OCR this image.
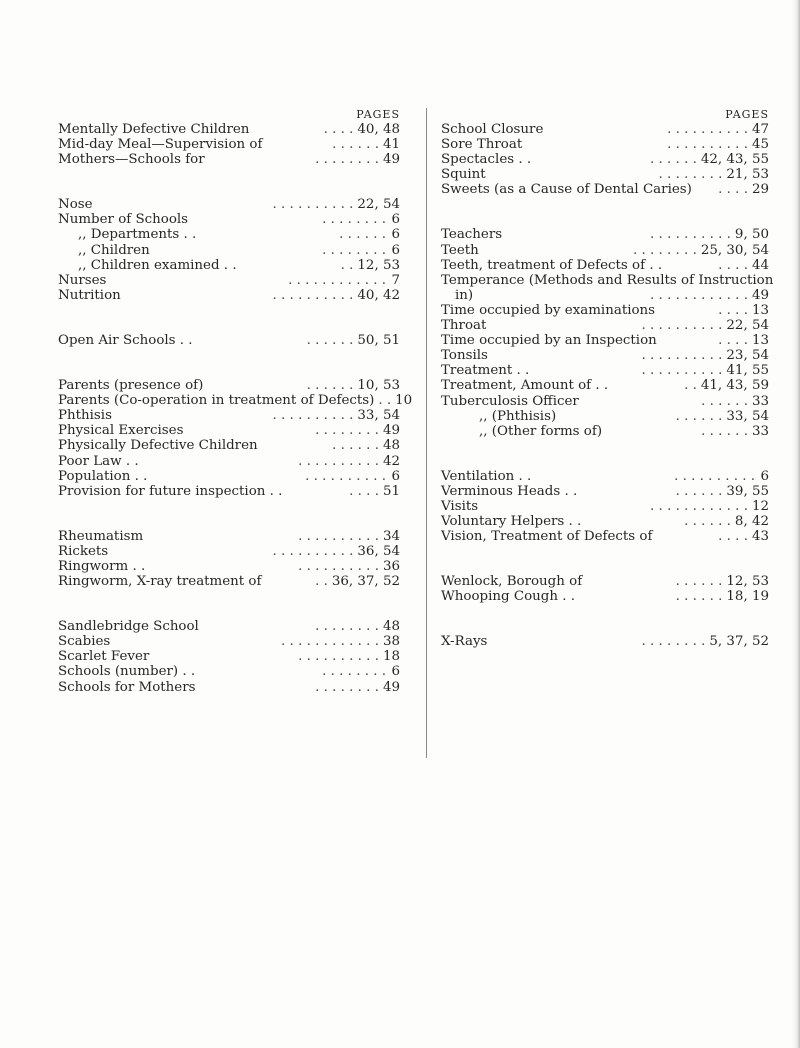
PAGES
Mentally Defective Children	. . . . 40, 48
Mid-day Meal—Supervision of	. . . . . . 41
Mothers—Schools for	. . . . . . . . 49
Nose	. . . . . . . . . . 22, 54
Number of Schools	. . . . . . . . 6
,, Departments . .	. . . . . . 6
,, Children	. . . . . . . . 6
,, Children examined . .	. . 12, 53
Nurses	. . . . . . . . . . . . 7
Nutrition	. . . . . . . . . . 40, 42
Open Air Schools . .	. . . . . . 50, 51
Parents (presence of)	. . . . . . 10, 53
Parents (Co-operation in treatment of Defects) . . 10
Phthisis	. . . . . . . . . . 33, 54
Physical Exercises	. . . . . . . . 49
Physically Defective Children	. . . . . . 48
Poor Law . .	. . . . . . . . . . 42
Population . .	. . . . . . . . . . 6
Provision for future inspection . .	. . . . 51
Rheumatism	. . . . . . . . . . 34
Rickets	. . . . . . . . . . 36, 54
Ringworm . .	. . . . . . . . . . 36
Ringworm, X-ray treatment of	. . 36, 37, 52
Sandlebridge School	. . . . . . . . 48
Scabies	. . . . . . . . . . . . 38
Scarlet Fever	. . . . . . . . . . 18
Schools (number) . .	. . . . . . . . 6
Schools for Mothers	. . . . . . . . 49
PAGES
School Closure	. . . . . . . . . . 47
Sore Throat	. . . . . . . . . . 45
Spectacles . .	. . . . . . 42, 43, 55
Squint	. . . . . . . . 21, 53
Sweets (as a Cause of Dental Caries)	. . . . 29
Teachers	. . . . . . . . . . 9, 50
Teeth	. . . . . . . . 25, 30, 54
Teeth, treatment of Defects of . .	. . . . 44
Temperance (Methods and Results of Instruction
in)	. . . . . . . . . . . . 49
Time occupied by examinations	. . . . 13
Throat	. . . . . . . . . . 22, 54
Time occupied by an Inspection	. . . . 13
Tonsils	. . . . . . . . . . 23, 54
Treatment . .	. . . . . . . . . . 41, 55
Treatment, Amount of . .	. . 41, 43, 59
Tuberculosis Officer	. . . . . . 33
,, (Phthisis)	. . . . . . 33, 54
,, (Other forms of)	. . . . . . 33
Ventilation . .	. . . . . . . . . . 6
Verminous Heads . .	. . . . . . 39, 55
Visits	. . . . . . . . . . . . 12
Voluntary Helpers . .	. . . . . . 8, 42
Vision, Treatment of Defects of	. . . . 43
Wenlock, Borough of	. . . . . . 12, 53
Whooping Cough . .	. . . . . . 18, 19
X-Rays	. . . . . . . . 5, 37, 52
